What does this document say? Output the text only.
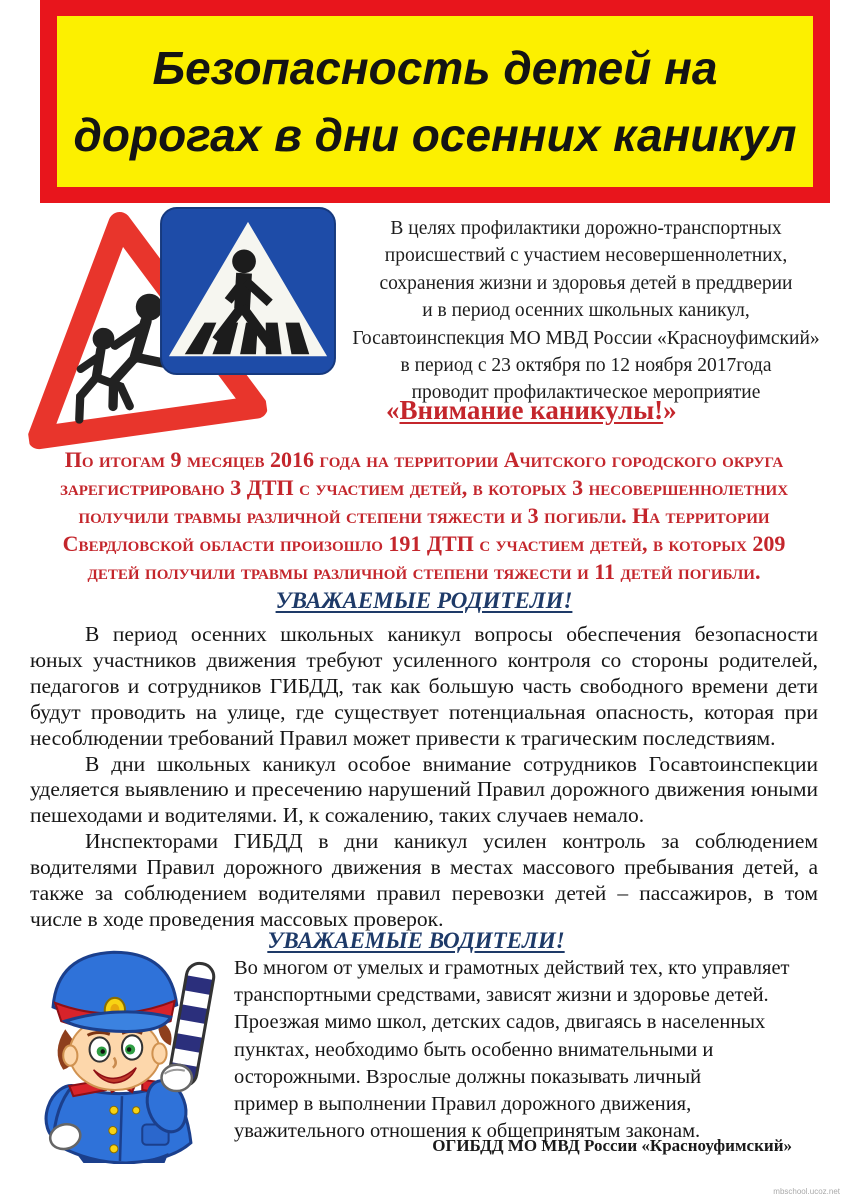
Безопасность детей на
дорогах в дни осенних каникул
В целях профилактики дорожно-транспортных
происшествий с участием несовершеннолетних,
сохранения жизни и здоровья детей в преддверии
и в период осенних школьных каникул,
Госавтоинспекция МО МВД России «Красноуфимский»
в период с 23 октября по 12 ноября 2017года
проводит профилактическое мероприятие
«Внимание каникулы!»
По итогам 9 месяцев 2016 года на территории Ачитского городского округа зарегистрировано 3 ДТП с участием детей, в которых 3 несовершеннолетних получили травмы различной степени тяжести и 3 погибли. На территории Свердловской области произошло 191 ДТП с участием детей, в которых 209 детей получили травмы различной степени тяжести и 11 детей погибли.
УВАЖАЕМЫЕ РОДИТЕЛИ!

В период осенних школьных каникул вопросы обеспечения безопасности юных участников движения требуют усиленного контроля со стороны родителей, педагогов и сотрудников ГИБДД, так как большую часть свободного времени дети будут проводить на улице, где существует потенциальная опасность, которая при несоблюдении требований Правил может привести к трагическим последствиям.

В дни школьных каникул особое внимание сотрудников Госавтоинспекции уделяется выявлению и пресечению нарушений Правил дорожного движения юными пешеходами и водителями. И, к сожалению, таких случаев немало.

Инспекторами ГИБДД в дни каникул усилен контроль за соблюдением водителями Правил дорожного движения в местах массового пребывания детей, а также за соблюдением водителями правил перевозки детей – пассажиров, в том числе в ходе проведения массовых проверок.

УВАЖАЕМЫЕ ВОДИТЕЛИ!
Во многом от умелых и грамотных действий тех, кто управляет
транспортными средствами, зависят жизни и здоровье детей.
Проезжая мимо школ, детских садов, двигаясь в населенных
пунктах, необходимо быть особенно внимательными и
осторожными. Взрослые должны показывать личный
пример в выполнении Правил дорожного движения,
уважительного отношения к общепринятым законам.
ОГИБДД МО МВД России «Красноуфимский»
mbschool.ucoz.net
